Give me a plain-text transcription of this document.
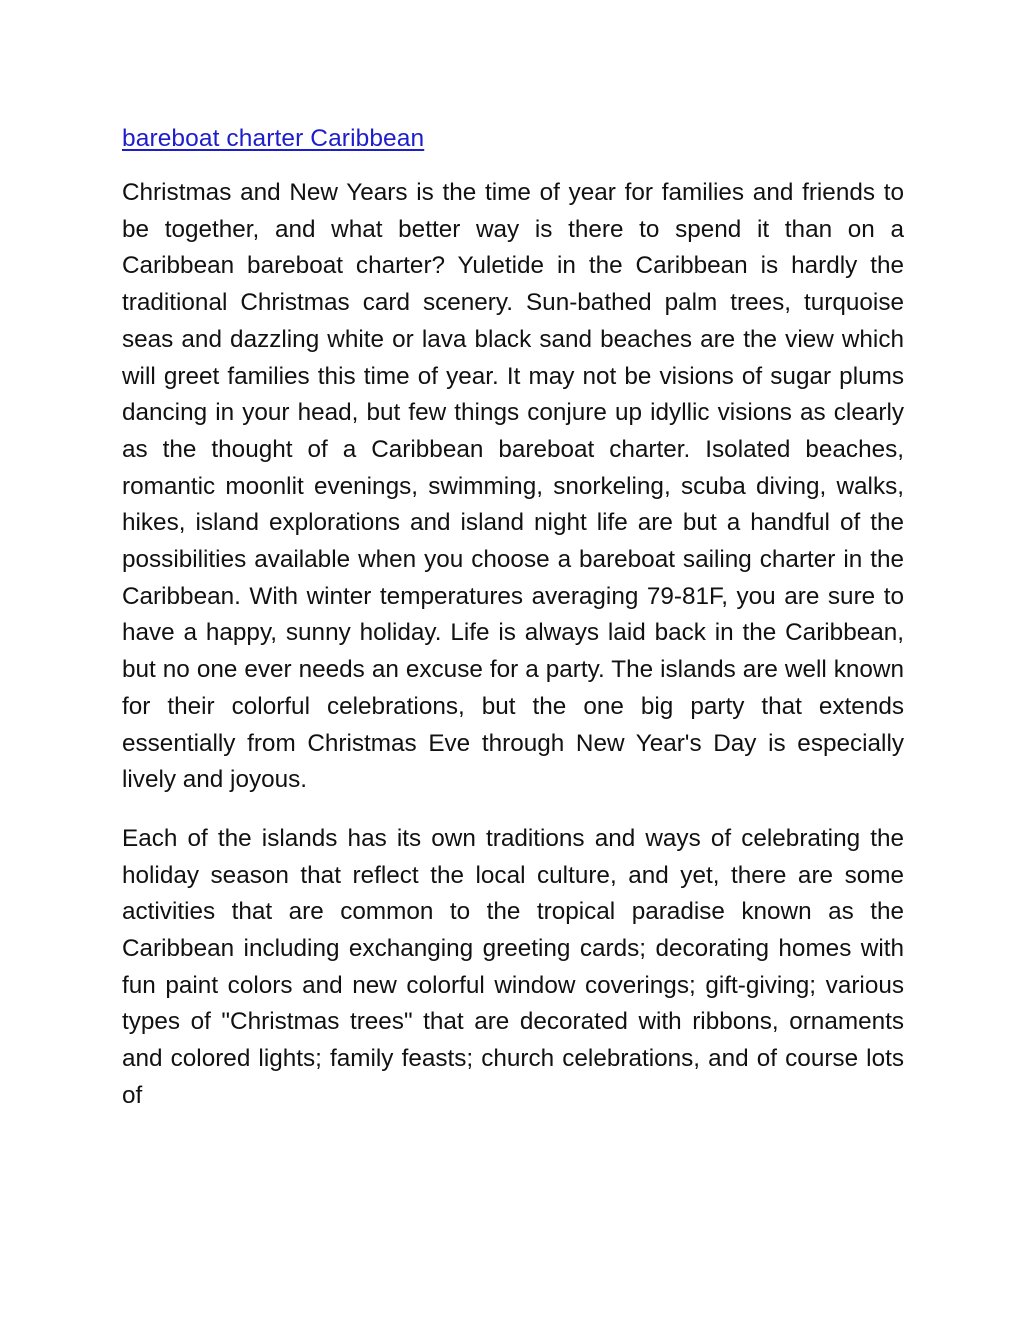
bareboat charter Caribbean

Christmas and New Years is the time of year for families and friends to be together, and what better way is there to spend it than on a Caribbean bareboat charter? Yuletide in the Caribbean is hardly the traditional Christmas card scenery. Sun-bathed palm trees, turquoise seas and dazzling white or lava black sand beaches are the view which will greet families this time of year. It may not be visions of sugar plums dancing in your head, but few things conjure up idyllic visions as clearly as the thought of a Caribbean bareboat charter. Isolated beaches, romantic moonlit evenings, swimming, snorkeling, scuba diving, walks, hikes, island explorations and island night life are but a handful of the possibilities available when you choose a bareboat sailing charter in the Caribbean. With winter temperatures averaging 79-81F, you are sure to have a happy, sunny holiday. Life is always laid back in the Caribbean, but no one ever needs an excuse for a party. The islands are well known for their colorful celebrations, but the one big party that extends essentially from Christmas Eve through New Year's Day is especially lively and joyous.

Each of the islands has its own traditions and ways of celebrating the holiday season that reflect the local culture, and yet, there are some activities that are common to the tropical paradise known as the Caribbean including exchanging greeting cards; decorating homes with fun paint colors and new colorful window coverings; gift-giving; various types of "Christmas trees" that are decorated with ribbons, ornaments and colored lights; family feasts; church celebrations, and of course lots of
